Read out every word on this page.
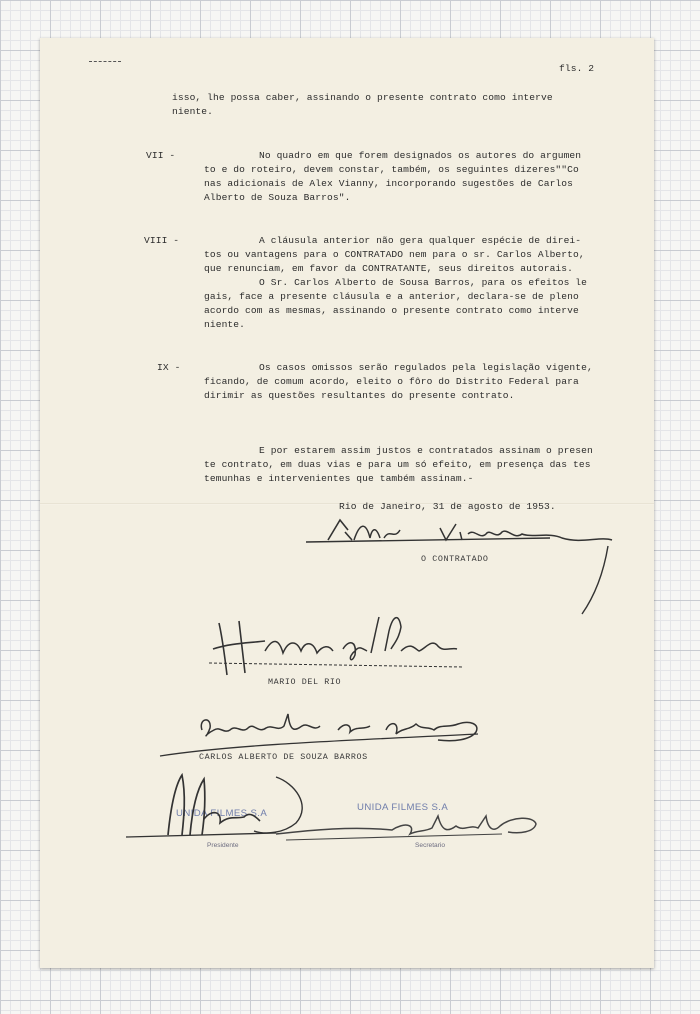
fls. 2
isso, lhe possa caber, assinando o presente contrato como interve
niente.
VII -	No quadro em que forem designados os autores do argumen
to e do roteiro, devem constar, também, os seguintes dizeres""Co
nas adicionais de Alex Vianny, incorporando sugestões de Carlos
Alberto de Souza Barros".
VIII -	A cláusula anterior não gera qualquer espécie de direi-
tos ou vantagens para o CONTRATADO nem para o sr. Carlos Alberto,
que renunciam, em favor da CONTRATANTE, seus direitos autorais.
O Sr. Carlos Alberto de Sousa Barros, para os efeitos le
gais, face a presente cláusula e a anterior, declara-se de pleno
acordo com as mesmas, assinando o presente contrato como interve
niente.
IX -	Os casos omissos serão regulados pela legislação vigente,
ficando, de comum acordo, eleito o fôro do Distrito Federal para
dirimir as questões resultantes do presente contrato.
E por estarem assim justos e contratados assinam o presen
te contrato, em duas vias e para um só efeito, em presença das tes
temunhas e intervenientes que também assinam.-
Rio de Janeiro, 31 de agosto de 1953.
O CONTRATADO
MARIO DEL RIO
CARLOS ALBERTO DE SOUZA BARROS
UNIDA FILMES S.A
Presidente
UNIDA FILMES S.A
Secretario
